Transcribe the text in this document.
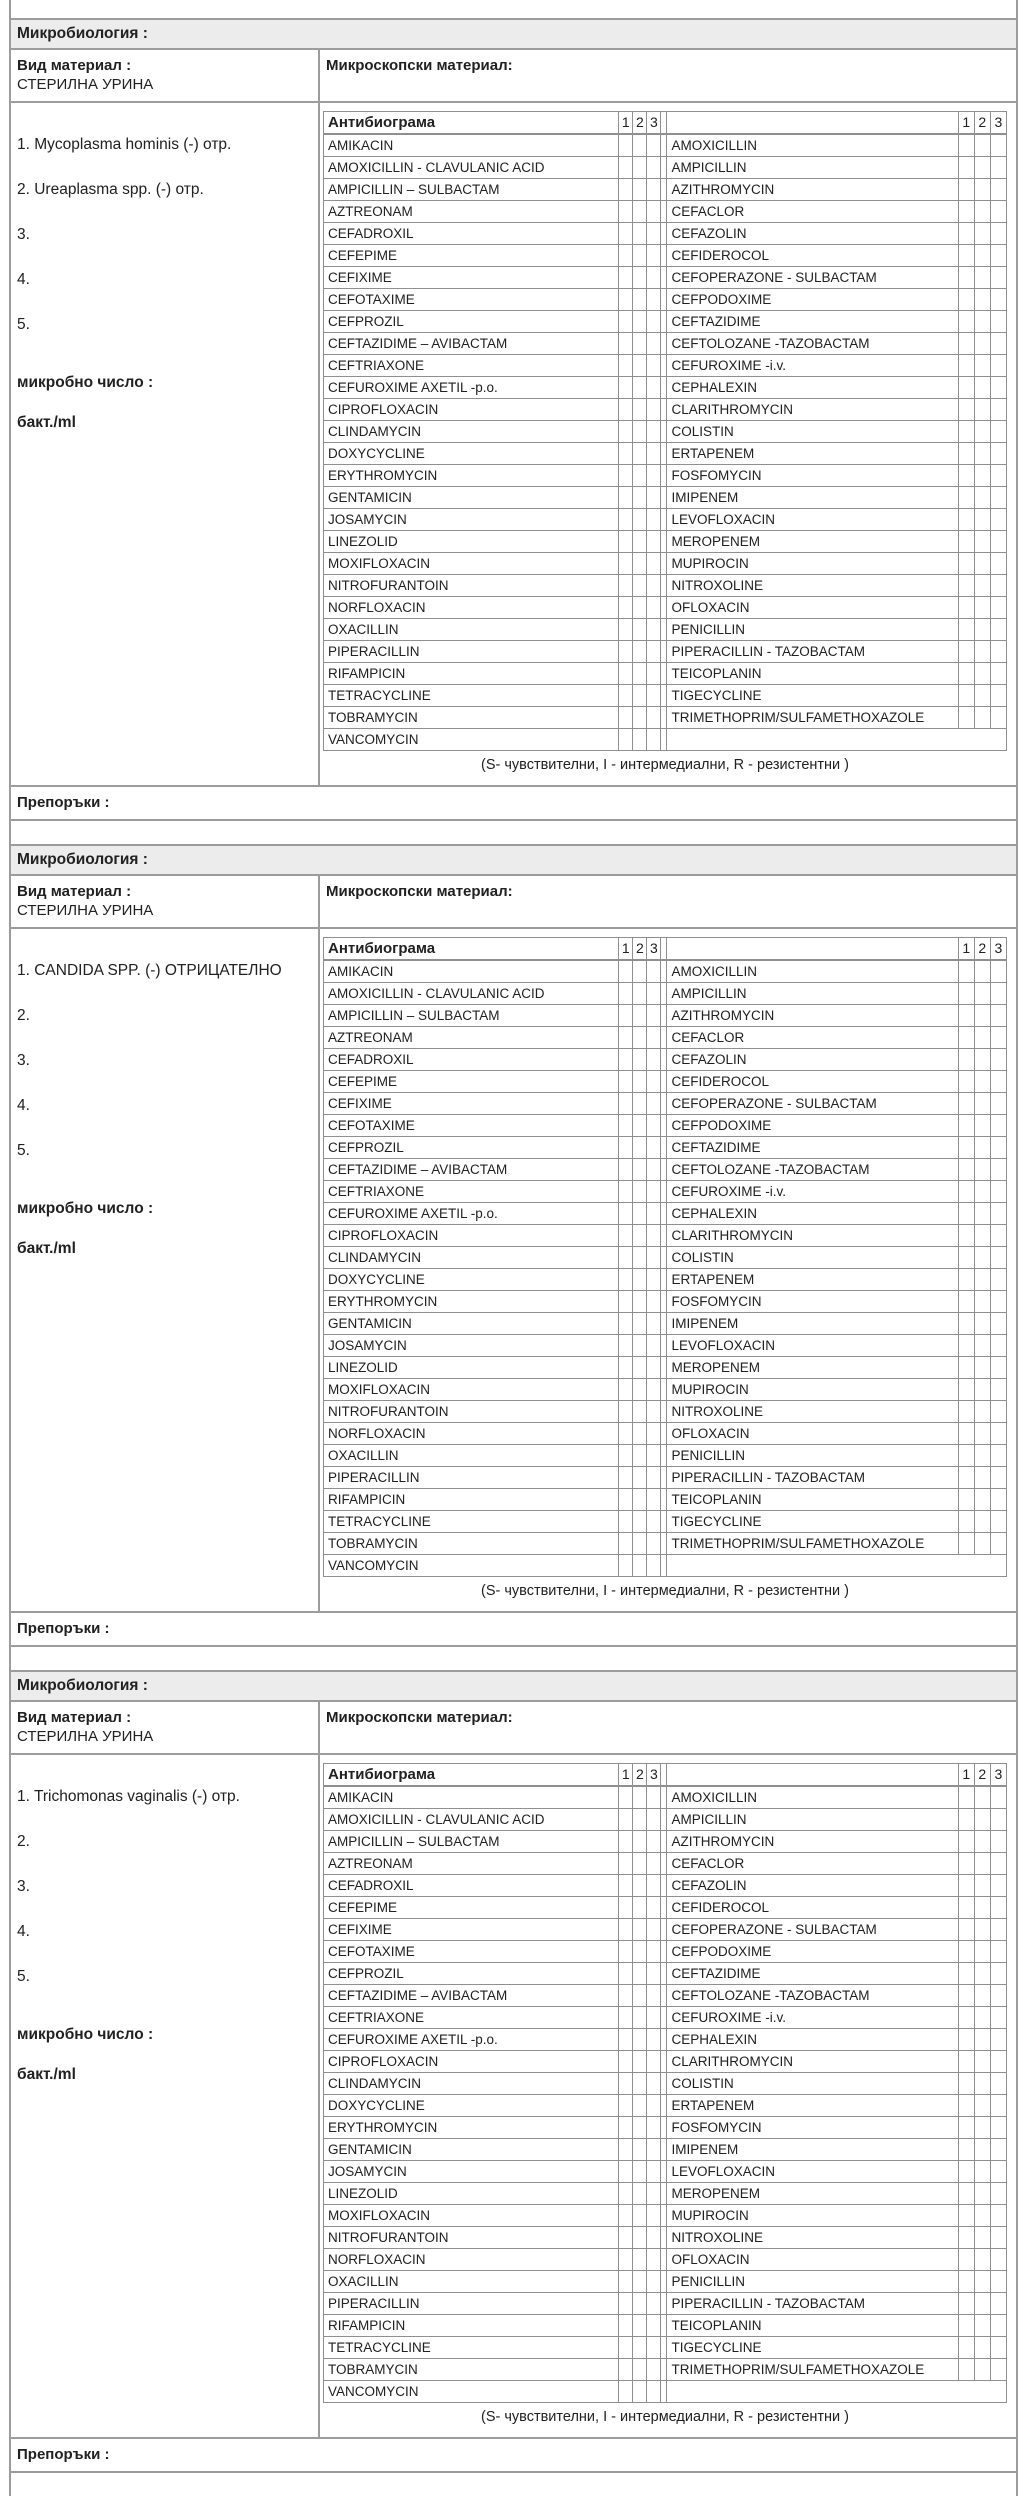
Микробиология :
Вид материал :
СТЕРИЛНА УРИНА
Микроскопски материал:
1. Mycoplasma hominis (-) отр.
2. Ureaplasma spp. (-) отр.
3.
4.
5.
микробно число :
бакт./ml
Антибиограма	1	2	3			1	2	3
AMIKACIN					AMOXICILLIN			
AMOXICILLIN - CLAVULANIC ACID					AMPICILLIN			
AMPICILLIN – SULBACTAM					AZITHROMYCIN			
AZTREONAM					CEFACLOR			
CEFADROXIL					CEFAZOLIN			
CEFEPIME					CEFIDEROCOL			
CEFIXIME					CEFOPERAZONE - SULBACTAM			
CEFOTAXIME					CEFPODOXIME			
CEFPROZIL					CEFTAZIDIME			
CEFTAZIDIME – AVIBACTAM					CEFTOLOZANE -TAZOBACTAM			
CEFTRIAXONE					CEFUROXIME -i.v.			
CEFUROXIME AXETIL -p.o.					CEPHALEXIN			
CIPROFLOXACIN					CLARITHROMYCIN			
CLINDAMYCIN					COLISTIN			
DOXYCYCLINE					ERTAPENEM			
ERYTHROMYCIN					FOSFOMYCIN			
GENTAMICIN					IMIPENEM			
JOSAMYCIN					LEVOFLOXACIN			
LINEZOLID					MEROPENEM			
MOXIFLOXACIN					MUPIROCIN			
NITROFURANTOIN					NITROXOLINE			
NORFLOXACIN					OFLOXACIN			
OXACILLIN					PENICILLIN			
PIPERACILLIN					PIPERACILLIN - TAZOBACTAM			
RIFAMPICIN					TEICOPLANIN			
TETRACYCLINE					TIGECYCLINE			
TOBRAMYCIN					TRIMETHOPRIM/SULFAMETHOXAZOLE			
VANCOMYCIN								
(S- чувствителни, I - интермедиални, R - резистентни )
Препоръки :
Микробиология :
Вид материал :
СТЕРИЛНА УРИНА
Микроскопски материал:
1. CANDIDA SPP. (-) ОТРИЦАТЕЛНО
2.
3.
4.
5.
микробно число :
бакт./ml
Антибиограма	1	2	3			1	2	3
AMIKACIN					AMOXICILLIN			
AMOXICILLIN - CLAVULANIC ACID					AMPICILLIN			
AMPICILLIN – SULBACTAM					AZITHROMYCIN			
AZTREONAM					CEFACLOR			
CEFADROXIL					CEFAZOLIN			
CEFEPIME					CEFIDEROCOL			
CEFIXIME					CEFOPERAZONE - SULBACTAM			
CEFOTAXIME					CEFPODOXIME			
CEFPROZIL					CEFTAZIDIME			
CEFTAZIDIME – AVIBACTAM					CEFTOLOZANE -TAZOBACTAM			
CEFTRIAXONE					CEFUROXIME -i.v.			
CEFUROXIME AXETIL -p.o.					CEPHALEXIN			
CIPROFLOXACIN					CLARITHROMYCIN			
CLINDAMYCIN					COLISTIN			
DOXYCYCLINE					ERTAPENEM			
ERYTHROMYCIN					FOSFOMYCIN			
GENTAMICIN					IMIPENEM			
JOSAMYCIN					LEVOFLOXACIN			
LINEZOLID					MEROPENEM			
MOXIFLOXACIN					MUPIROCIN			
NITROFURANTOIN					NITROXOLINE			
NORFLOXACIN					OFLOXACIN			
OXACILLIN					PENICILLIN			
PIPERACILLIN					PIPERACILLIN - TAZOBACTAM			
RIFAMPICIN					TEICOPLANIN			
TETRACYCLINE					TIGECYCLINE			
TOBRAMYCIN					TRIMETHOPRIM/SULFAMETHOXAZOLE			
VANCOMYCIN								
(S- чувствителни, I - интермедиални, R - резистентни )
Препоръки :
Микробиология :
Вид материал :
СТЕРИЛНА УРИНА
Микроскопски материал:
1. Trichomonas vaginalis (-) отр.
2.
3.
4.
5.
микробно число :
бакт./ml
Антибиограма	1	2	3			1	2	3
AMIKACIN					AMOXICILLIN			
AMOXICILLIN - CLAVULANIC ACID					AMPICILLIN			
AMPICILLIN – SULBACTAM					AZITHROMYCIN			
AZTREONAM					CEFACLOR			
CEFADROXIL					CEFAZOLIN			
CEFEPIME					CEFIDEROCOL			
CEFIXIME					CEFOPERAZONE - SULBACTAM			
CEFOTAXIME					CEFPODOXIME			
CEFPROZIL					CEFTAZIDIME			
CEFTAZIDIME – AVIBACTAM					CEFTOLOZANE -TAZOBACTAM			
CEFTRIAXONE					CEFUROXIME -i.v.			
CEFUROXIME AXETIL -p.o.					CEPHALEXIN			
CIPROFLOXACIN					CLARITHROMYCIN			
CLINDAMYCIN					COLISTIN			
DOXYCYCLINE					ERTAPENEM			
ERYTHROMYCIN					FOSFOMYCIN			
GENTAMICIN					IMIPENEM			
JOSAMYCIN					LEVOFLOXACIN			
LINEZOLID					MEROPENEM			
MOXIFLOXACIN					MUPIROCIN			
NITROFURANTOIN					NITROXOLINE			
NORFLOXACIN					OFLOXACIN			
OXACILLIN					PENICILLIN			
PIPERACILLIN					PIPERACILLIN - TAZOBACTAM			
RIFAMPICIN					TEICOPLANIN			
TETRACYCLINE					TIGECYCLINE			
TOBRAMYCIN					TRIMETHOPRIM/SULFAMETHOXAZOLE			
VANCOMYCIN								
(S- чувствителни, I - интермедиални, R - резистентни )
Препоръки :
